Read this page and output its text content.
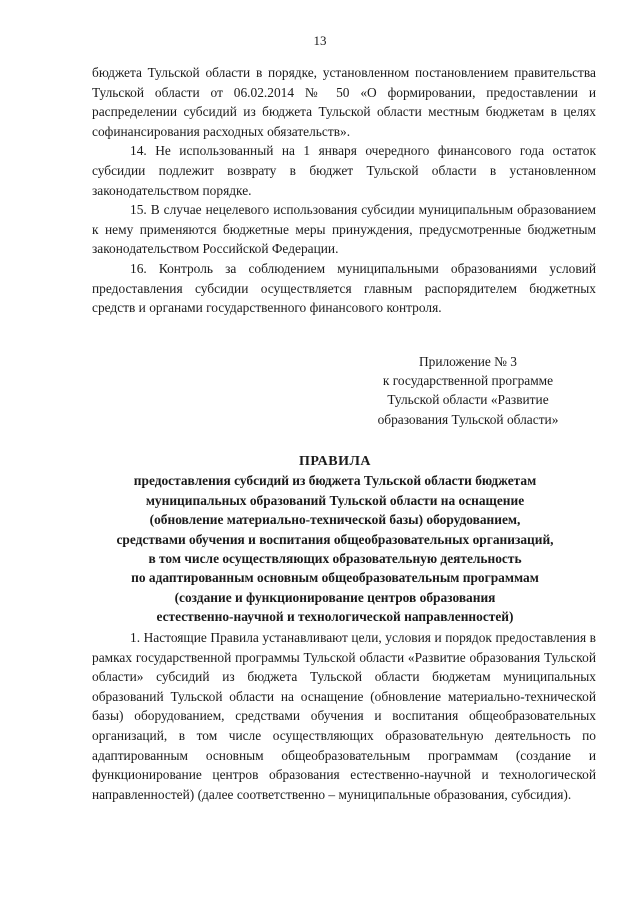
13

бюджета Тульской области в порядке, установленном постановлением правительства Тульской области от 06.02.2014 № 50 «О формировании, предоставлении и распределении субсидий из бюджета Тульской области местным бюджетам в целях софинансирования расходных обязательств».

14. Не использованный на 1 января очередного финансового года остаток субсидии подлежит возврату в бюджет Тульской области в установленном законодательством порядке.

15. В случае нецелевого использования субсидии муниципальным образованием к нему применяются бюджетные меры принуждения, предусмотренные бюджетным законодательством Российской Федерации.

16. Контроль за соблюдением муниципальными образованиями условий предоставления субсидии осуществляется главным распорядителем бюджетных средств и органами государственного финансового контроля.

Приложение № 3
к государственной программе
Тульской области «Развитие
образования Тульской области»
ПРАВИЛА
предоставления субсидий из бюджета Тульской области бюджетам
муниципальных образований Тульской области на оснащение
(обновление материально-технической базы) оборудованием,
средствами обучения и воспитания общеобразовательных организаций,
в том числе осуществляющих образовательную деятельность
по адаптированным основным общеобразовательным программам
(создание и функционирование центров образования
естественно-научной и технологической направленностей)

1. Настоящие Правила устанавливают цели, условия и порядок предоставления в рамках государственной программы Тульской области «Развитие образования Тульской области» субсидий из бюджета Тульской области бюджетам муниципальных образований Тульской области на оснащение (обновление материально-технической базы) оборудованием, средствами обучения и воспитания общеобразовательных организаций, в том числе осуществляющих образовательную деятельность по адаптированным основным общеобразовательным программам (создание и функционирование центров образования естественно-научной и технологической направленностей) (далее соответственно – муниципальные образования, субсидия).
